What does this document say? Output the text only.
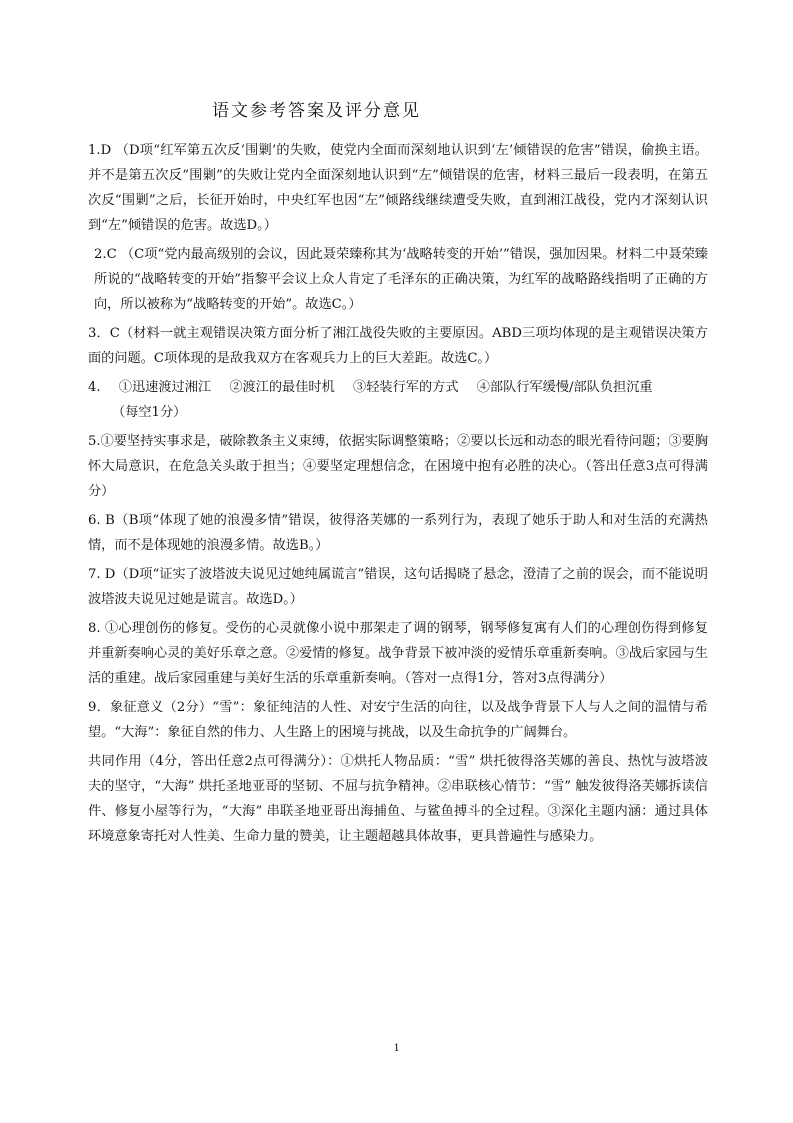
语文参考答案及评分意见

1.D （D项“红军第五次反‘围剿’的失败，使党内全面而深刻地认识到‘左’倾错误的危害”错误，偷换主语。并不是第五次反“围剿”的失败让党内全面深刻地认识到“左”倾错误的危害，材料三最后一段表明，在第五次反“围剿”之后，长征开始时，中央红军也因“左”倾路线继续遭受失败，直到湘江战役，党内才深刻认识到“左”倾错误的危害。故选D。）

2.C （C项“党内最高级别的会议，因此聂荣臻称其为‘战略转变的开始’”错误，强加因果。材料二中聂荣臻所说的“战略转变的开始”指黎平会议上众人肯定了毛泽东的正确决策，为红军的战略路线指明了正确的方向，所以被称为“战略转变的开始”。故选C。）

3．C（材料一就主观错误决策方面分析了湘江战役失败的主要原因。ABD三项均体现的是主观错误决策方面的问题。C项体现的是敌我双方在客观兵力上的巨大差距。故选C。）

4. ①迅速渡过湘江 ②渡江的最佳时机 ③轻装行军的方式 ④部队行军缓慢/部队负担沉重

（每空1分）

5.①要坚持实事求是，破除教条主义束缚，依据实际调整策略；②要以长远和动态的眼光看待问题；③要胸怀大局意识，在危急关头敢于担当；④要坚定理想信念，在困境中抱有必胜的决心。（答出任意3点可得满分）

6. B（B项“体现了她的浪漫多情”错误，彼得洛芙娜的一系列行为，表现了她乐于助人和对生活的充满热情，而不是体现她的浪漫多情。故选B。）

7. D（D项“证实了波塔波夫说见过她纯属谎言”错误，这句话揭晓了悬念，澄清了之前的误会，而不能说明波塔波夫说见过她是谎言。故选D。）

8. ①心理创伤的修复。受伤的心灵就像小说中那架走了调的钢琴，钢琴修复寓有人们的心理创伤得到修复并重新奏响心灵的美好乐章之意。②爱情的修复。战争背景下被冲淡的爱情乐章重新奏响。③战后家园与生活的重建。战后家园重建与美好生活的乐章重新奏响。（答对一点得1分，答对3点得满分）

9．象征意义（2分）“雪”：象征纯洁的人性、对安宁生活的向往，以及战争背景下人与人之间的温情与希望。“大海”：象征自然的伟力、人生路上的困境与挑战，以及生命抗争的广阔舞台。

共同作用（4分，答出任意2点可得满分）：①烘托人物品质：“雪” 烘托彼得洛芙娜的善良、热忱与波塔波夫的坚守，“大海” 烘托圣地亚哥的坚韧、不屈与抗争精神。②串联核心情节：“雪” 触发彼得洛芙娜拆读信件、修复小屋等行为，“大海” 串联圣地亚哥出海捕鱼、与鲨鱼搏斗的全过程。③深化主题内涵：通过具体环境意象寄托对人性美、生命力量的赞美，让主题超越具体故事，更具普遍性与感染力。

1
